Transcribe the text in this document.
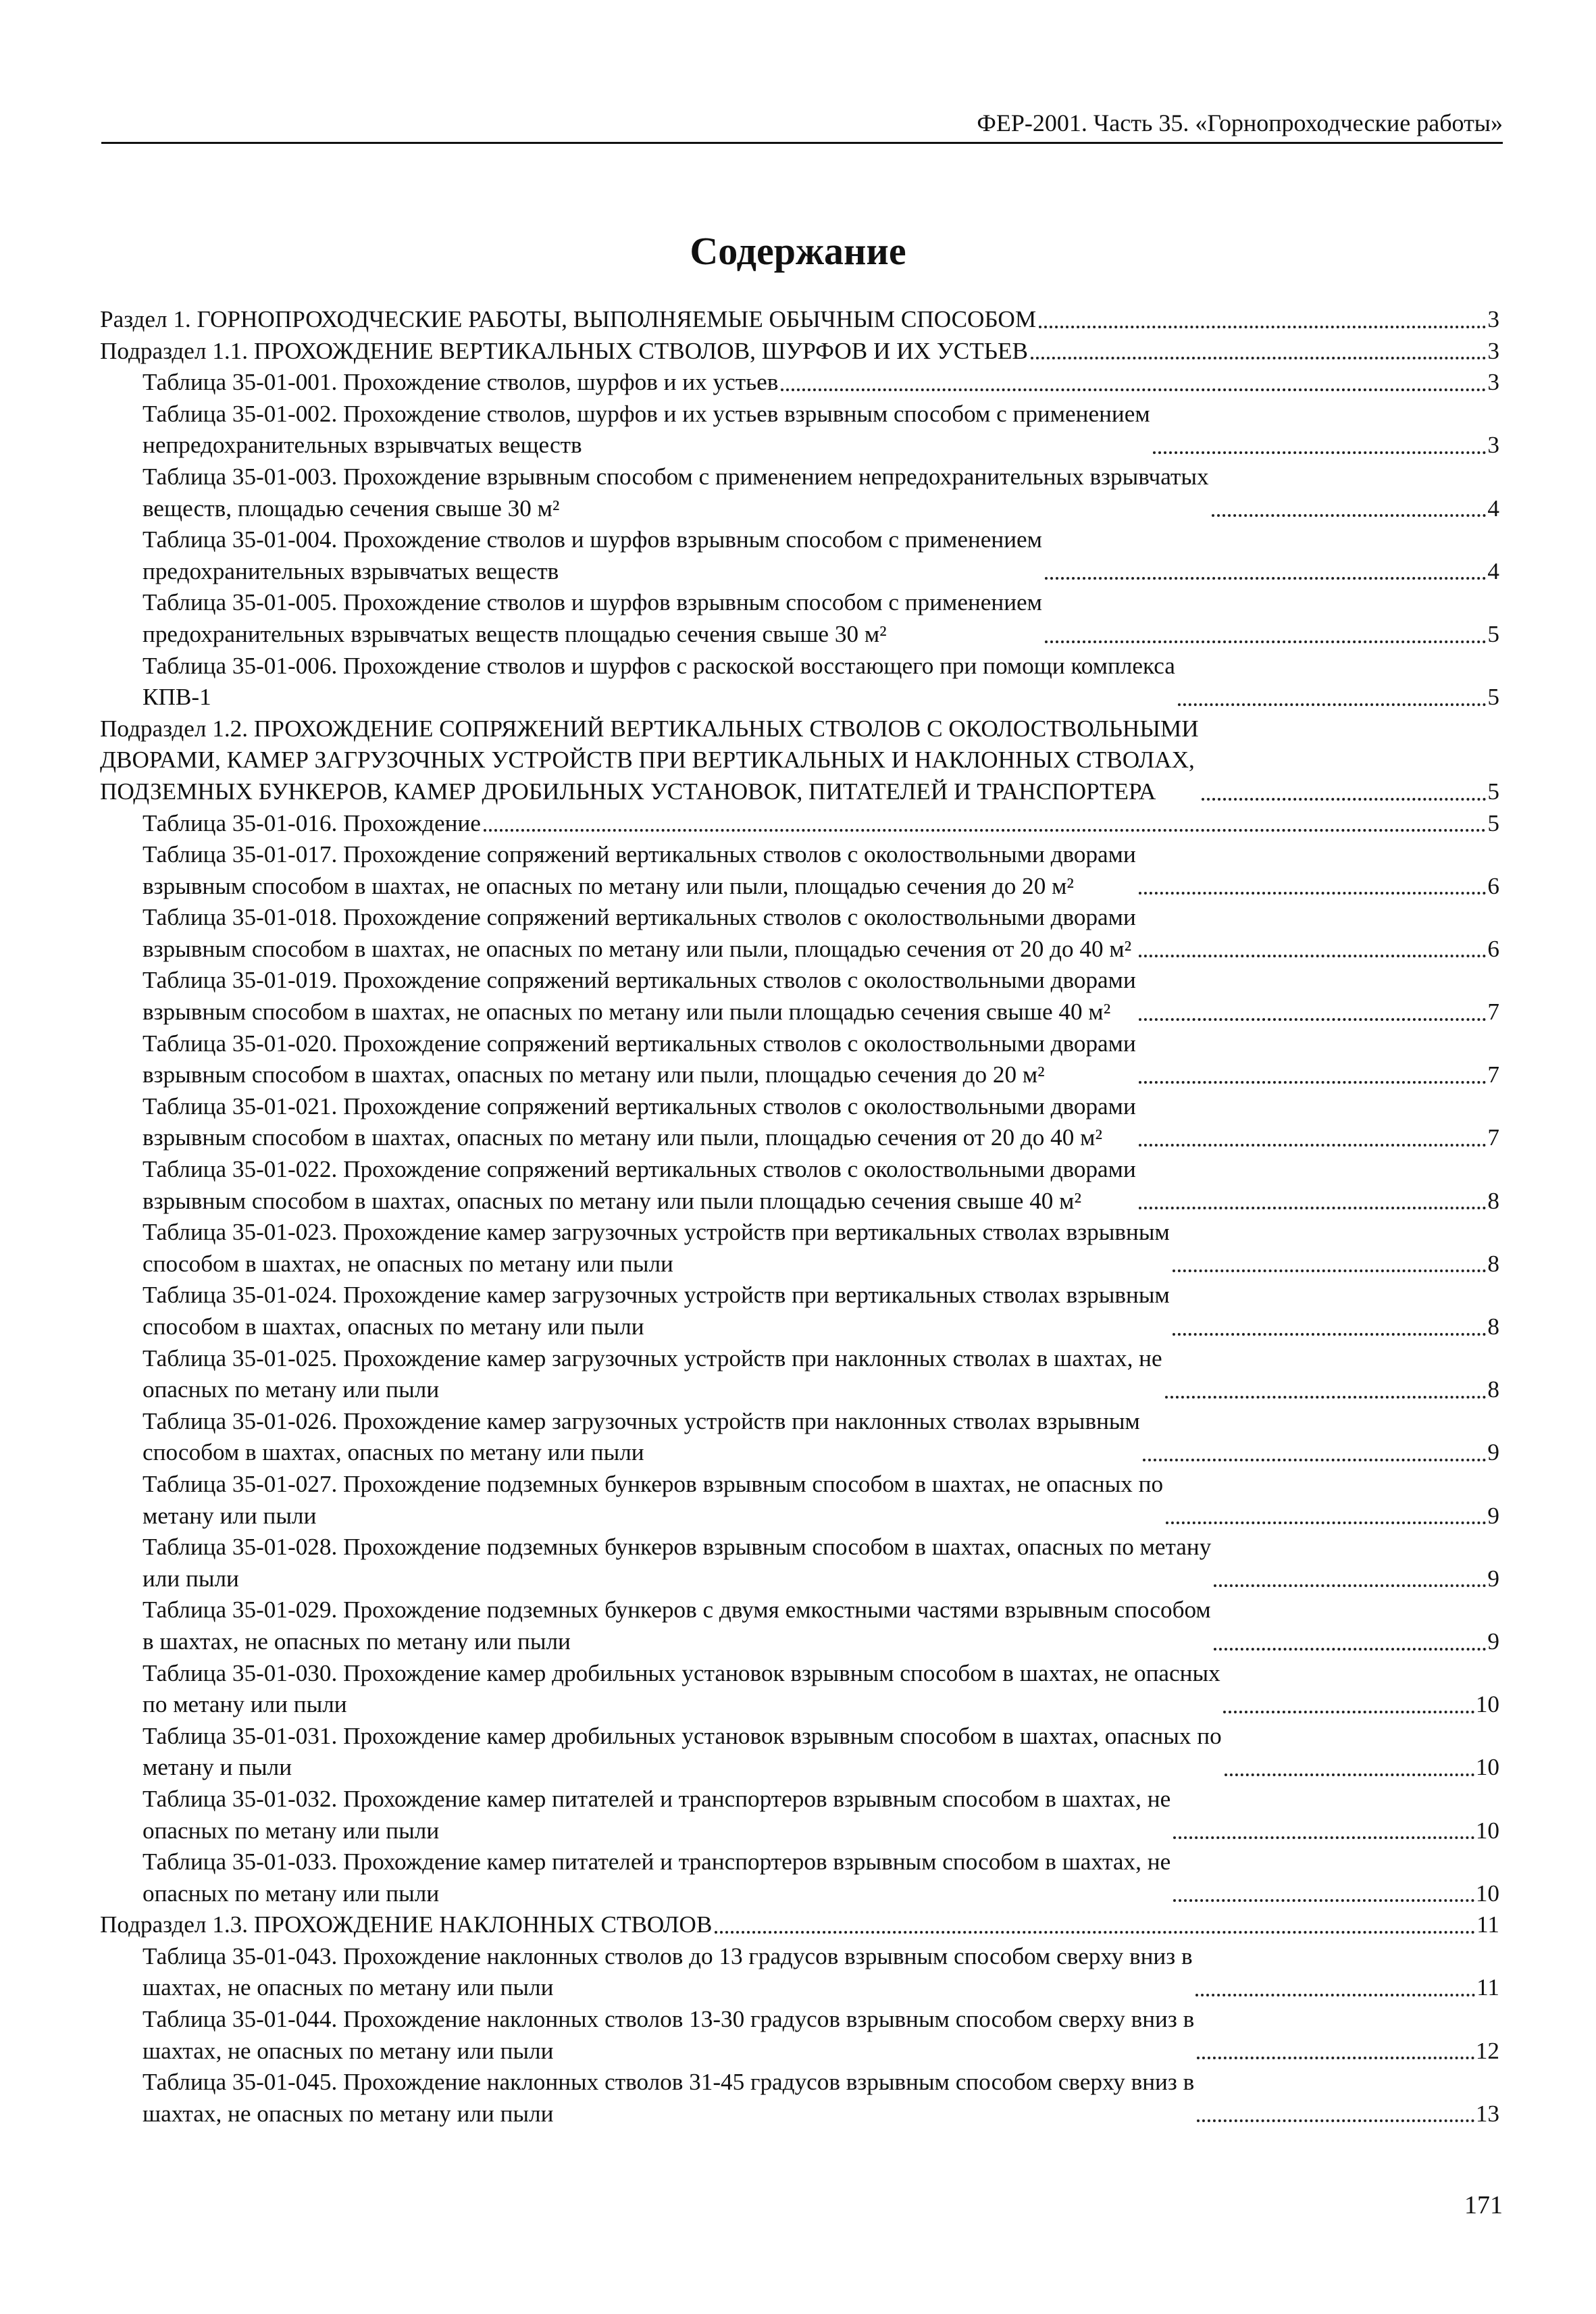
ФЕР-2001. Часть 35. «Горнопроходческие работы»
Содержание
Раздел 1. ГОРНОПРОХОДЧЕСКИЕ РАБОТЫ, ВЫПОЛНЯЕМЫЕ ОБЫЧНЫМ СПОСОБОМ	3
Подраздел 1.1. ПРОХОЖДЕНИЕ ВЕРТИКАЛЬНЫХ СТВОЛОВ, ШУРФОВ И ИХ УСТЬЕВ	3
Таблица 35-01-001. Прохождение стволов, шурфов и их устьев	3
Таблица 35-01-002. Прохождение стволов, шурфов и их устьев взрывным способом с применением
непредохранительных взрывчатых веществ	3
Таблица 35-01-003. Прохождение взрывным способом с применением непредохранительных взрывчатых
веществ, площадью сечения свыше 30 м²	4
Таблица 35-01-004. Прохождение стволов и шурфов взрывным способом с применением
предохранительных взрывчатых веществ	4
Таблица 35-01-005. Прохождение стволов и шурфов взрывным способом с применением
предохранительных взрывчатых веществ площадью сечения свыше 30 м²	5
Таблица 35-01-006. Прохождение стволов и шурфов с раскоской восстающего при помощи комплекса
КПВ-1	5
Подраздел 1.2. ПРОХОЖДЕНИЕ СОПРЯЖЕНИЙ ВЕРТИКАЛЬНЫХ СТВОЛОВ С ОКОЛОСТВОЛЬНЫМИ
ДВОРАМИ, КАМЕР ЗАГРУЗОЧНЫХ УСТРОЙСТВ ПРИ ВЕРТИКАЛЬНЫХ И НАКЛОННЫХ СТВОЛАХ,
ПОДЗЕМНЫХ БУНКЕРОВ, КАМЕР ДРОБИЛЬНЫХ УСТАНОВОК, ПИТАТЕЛЕЙ И ТРАНСПОРТЕРА	5
Таблица 35-01-016. Прохождение	5
Таблица 35-01-017. Прохождение сопряжений вертикальных стволов с околоствольными дворами
взрывным способом в шахтах, не опасных по метану или пыли, площадью сечения до 20 м²	6
Таблица 35-01-018. Прохождение сопряжений вертикальных стволов с околоствольными дворами
взрывным способом в шахтах, не опасных по метану или пыли, площадью сечения от 20 до 40 м²	6
Таблица 35-01-019. Прохождение сопряжений вертикальных стволов с околоствольными дворами
взрывным способом в шахтах, не опасных по метану или пыли площадью сечения свыше 40 м²	7
Таблица 35-01-020. Прохождение сопряжений вертикальных стволов с околоствольными дворами
взрывным способом в шахтах, опасных по метану или пыли, площадью сечения до 20 м²	7
Таблица 35-01-021. Прохождение сопряжений вертикальных стволов с околоствольными дворами
взрывным способом в шахтах, опасных по метану или пыли, площадью сечения от 20 до 40 м²	7
Таблица 35-01-022. Прохождение сопряжений вертикальных стволов с околоствольными дворами
взрывным способом в шахтах, опасных по метану или пыли площадью сечения свыше 40 м²	8
Таблица 35-01-023. Прохождение камер загрузочных устройств при вертикальных стволах взрывным
способом в шахтах, не опасных по метану или пыли	8
Таблица 35-01-024. Прохождение камер загрузочных устройств при вертикальных стволах взрывным
способом в шахтах, опасных по метану или пыли	8
Таблица 35-01-025. Прохождение камер загрузочных устройств при наклонных стволах в шахтах, не
опасных по метану или пыли	8
Таблица 35-01-026. Прохождение камер загрузочных устройств при наклонных стволах взрывным
способом в шахтах, опасных по метану или пыли	9
Таблица 35-01-027. Прохождение подземных бункеров взрывным способом в шахтах, не опасных по
метану или пыли	9
Таблица 35-01-028. Прохождение подземных бункеров взрывным способом в шахтах, опасных по метану
или пыли	9
Таблица 35-01-029. Прохождение подземных бункеров с двумя емкостными частями взрывным способом
в шахтах, не опасных по метану или пыли	9
Таблица 35-01-030. Прохождение камер дробильных установок взрывным способом в шахтах, не опасных
по метану или пыли	10
Таблица 35-01-031. Прохождение камер дробильных установок взрывным способом в шахтах, опасных по
метану и пыли	10
Таблица 35-01-032. Прохождение камер питателей и транспортеров взрывным способом в шахтах, не
опасных по метану или пыли	10
Таблица 35-01-033. Прохождение камер питателей и транспортеров взрывным способом в шахтах, не
опасных по метану или пыли	10
Подраздел 1.3. ПРОХОЖДЕНИЕ НАКЛОННЫХ СТВОЛОВ	11
Таблица 35-01-043. Прохождение наклонных стволов до 13 градусов взрывным способом сверху вниз в
шахтах, не опасных по метану или пыли	11
Таблица 35-01-044. Прохождение наклонных стволов 13-30 градусов взрывным способом сверху вниз в
шахтах, не опасных по метану или пыли	12
Таблица 35-01-045. Прохождение наклонных стволов 31-45 градусов взрывным способом сверху вниз в
шахтах, не опасных по метану или пыли	13
171
